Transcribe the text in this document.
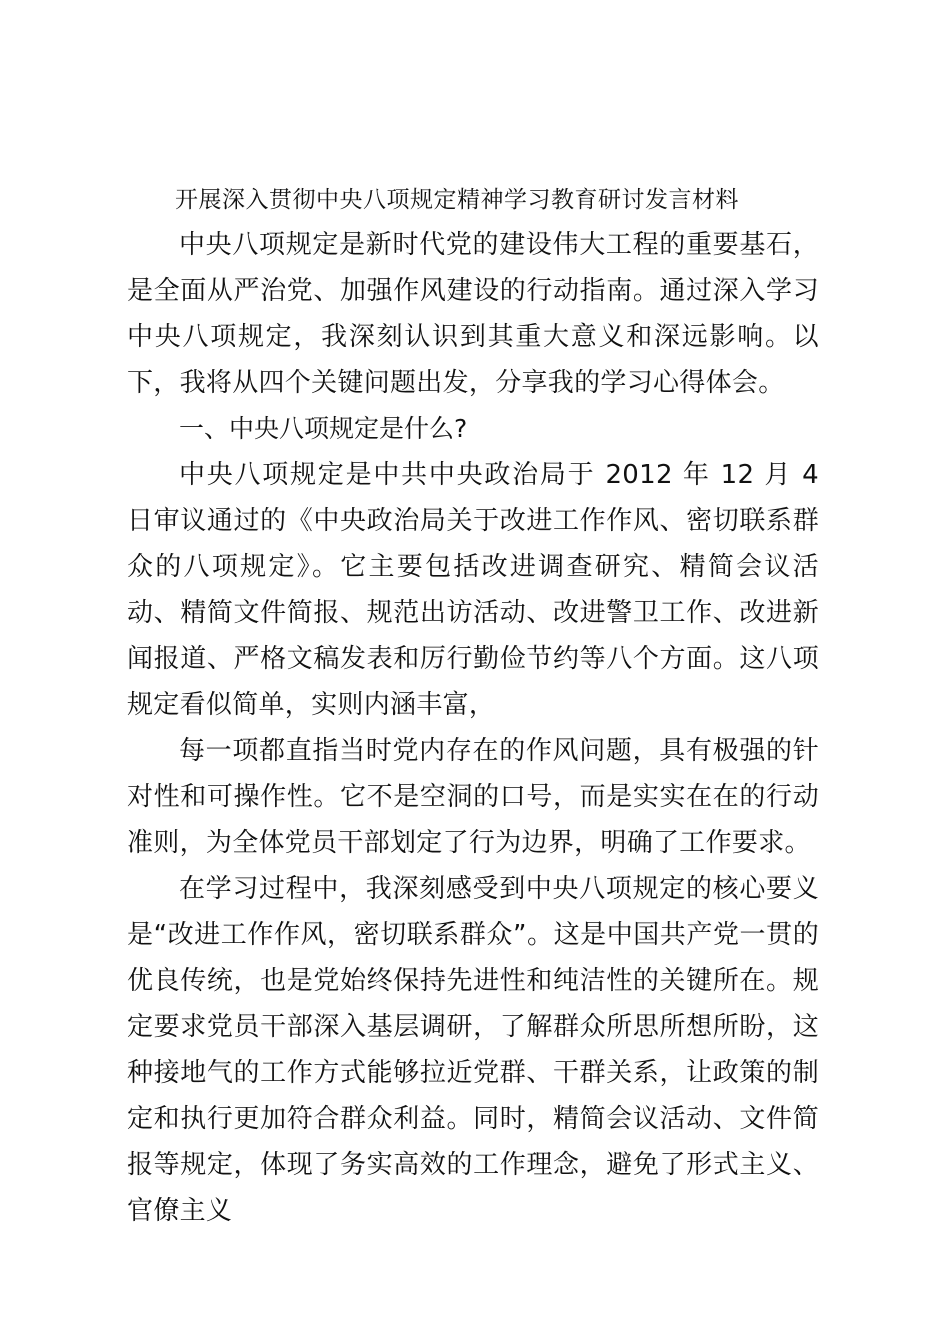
开展深入贯彻中央八项规定精神学习教育研讨发言材料

中央八项规定是新时代党的建设伟大工程的重要基石，是全面从严治党、加强作风建设的行动指南。通过深入学习中央八项规定，我深刻认识到其重大意义和深远影响。以下，我将从四个关键问题出发，分享我的学习心得体会。

一、中央八项规定是什么?

中央八项规定是中共中央政治局于 2012 年 12 月 4 日审议通过的《中央政治局关于改进工作作风、密切联系群众的八项规定》。它主要包括改进调查研究、精简会议活动、精简文件简报、规范出访活动、改进警卫工作、改进新闻报道、严格文稿发表和厉行勤俭节约等八个方面。这八项规定看似简单，实则内涵丰富，

每一项都直指当时党内存在的作风问题，具有极强的针对性和可操作性。它不是空洞的口号，而是实实在在的行动准则，为全体党员干部划定了行为边界，明确了工作要求。

在学习过程中，我深刻感受到中央八项规定的核心要义是“改进工作作风，密切联系群众”。这是中国共产党一贯的优良传统，也是党始终保持先进性和纯洁性的关键所在。规定要求党员干部深入基层调研，了解群众所思所想所盼，这种接地气的工作方式能够拉近党群、干群关系，让政策的制定和执行更加符合群众利益。同时，精简会议活动、文件简报等规定，体现了务实高效的工作理念，避免了形式主义、官僚主义
